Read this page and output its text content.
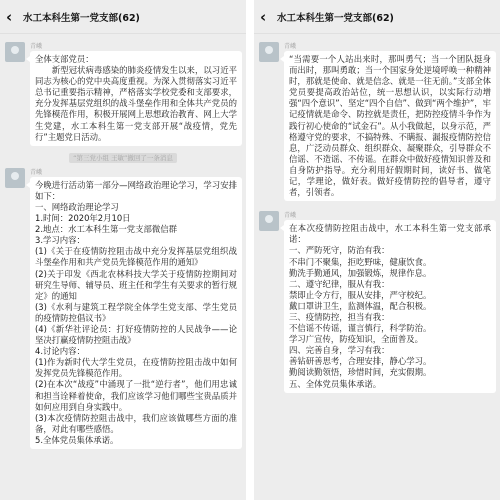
‹	水工本科生第一党支部(62)
青峨

全体支部党员：

新型冠状病毒感染的肺炎疫情发生以来，以习近平同志为核心的党中央高度重视。为深入贯彻落实习近平总书记重要指示精神，严格落实学校党委和支部要求，充分发挥基层党组织的战斗堡垒作用和全体共产党员的先锋模范作用，积极开展网上思想政治教育、网上大学生党建，水工本科生第一党支部开展“战疫情，党先行”主题党日活动。

“第三党小组 王敏”撤回了一条消息
青峨

今晚进行活动第一部分—网络政治理论学习，学习安排如下：

一、网络政治理论学习

1.时间：2020年2月10日

2.地点：水工本科生第一党支部微信群

3.学习内容：

(1)《关于在疫情防控阻击战中充分发挥基层党组织战斗堡垒作用和共产党员先锋模范作用的通知》

(2)关于印发《西北农林科技大学关于疫情防控期间对研究生导师、辅导员、班主任和学生有关要求的暂行规定》的通知

(3)《水利与建筑工程学院全体学生党支部、学生党员的疫情防控倡议书》

(4)《新华社评论员：打好疫情防控的人民战争——论坚决打赢疫情防控阻击战》

4.讨论内容：

(1)作为新时代大学生党员，在疫情防控阻击战中如何发挥党员先锋模范作用。

(2)在本次“战疫”中涌现了一批“逆行者”，他们用忠诚和担当诠释着使命，我们应该学习他们哪些宝贵品质并如何应用到自身实践中。

(3)本次疫情防控阻击战中，我们应该做哪些方面的准备，对此有哪些感悟。

5.全体党员集体承诺。

‹	水工本科生第一党支部(62)
青峨

“当需要一个人站出来时，那叫勇气；当一个团队挺身而出时，那叫勇敢；当一个国家身处逆境呼唤一种精神时，那就是使命、就是信念、就是一往无前。”支部全体党员要提高政治站位，统一思想认识，以实际行动增强“四个意识”、坚定“四个自信”、做到“两个维护”，牢记疫情就是命令、防控就是责任，把防控疫情斗争作为践行初心使命的“试金石”。从小我做起，以身示范，严格遵守党的要求，不搞特殊、不瞒报、漏报疫情防控信息，广泛动员群众、组织群众、凝聚群众，引导群众不信谣、不造谣、不传谣。在群众中做好疫情知识普及和自身防护指导。充分利用好假期时间，读好书、做笔记，学理论，做好表。做好疫情防控的倡导者，遵守者，引领者。

青峨

在本次疫情防控阻击战中，水工本科生第一党支部承诺：

一、严防死守，防治有我：

不串门不聚集，拒吃野味，健康饮食。

勤洗手勤通风，加强锻炼，规律作息。

二、遵守纪律，服从有我：

禁即止令方行，服从安排，严守校纪。

戴口罩讲卫生，监测体温，配合积极。

三、疫情防控，担当有我：

不信谣不传谣，谨言慎行，科学防治。

学习广宣传，防疫知识，全面普及。

四、完善自身，学习有我：

善钻研善思考，合理安排，静心学习。

勤阅读勤领悟，珍惜时间，充实假期。

五、全体党员集体承诺。
